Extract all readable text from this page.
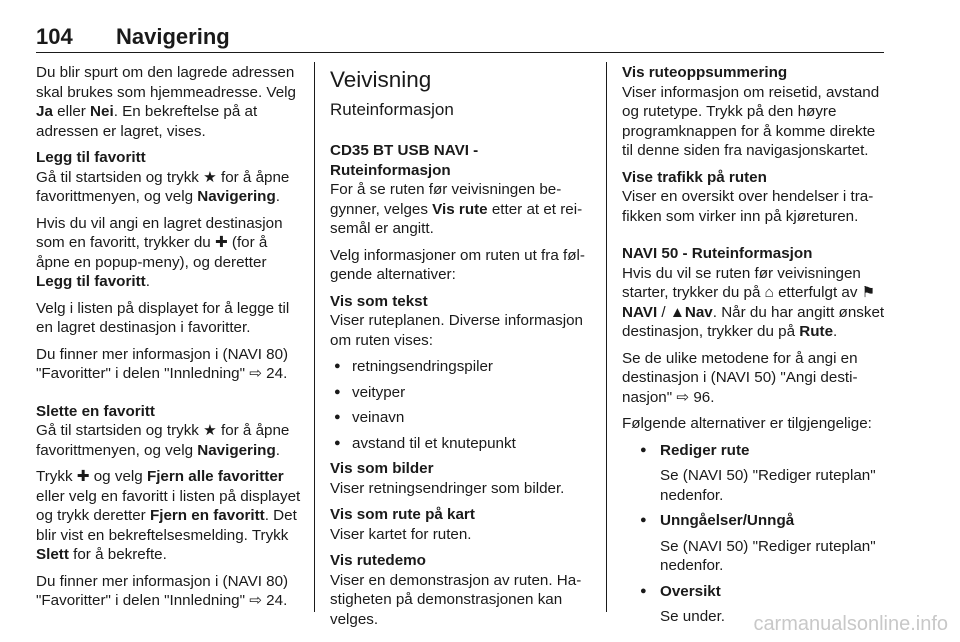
104 Navigering

Du blir spurt om den lagrede adressen skal brukes som hjemmeadresse. Velg Ja eller Nei. En bekreftelse på at adressen er lagret, vises.

Legg til favoritt

Gå til startsiden og trykk ★ for å åpne favorittmenyen, og velg Navigering.

Hvis du vil angi en lagret destinasjon som en favoritt, trykker du ✚ (for å åpne en popup-meny), og deretter Legg til favoritt.

Velg i listen på displayet for å legge til en lagret destinasjon i favoritter.

Du finner mer informasjon i (NAVI 80) "Favoritter" i delen "Innledning" ⇨ 24.

Slette en favoritt

Gå til startsiden og trykk ★ for å åpne favorittmenyen, og velg Navigering.

Trykk ✚ og velg Fjern alle favoritter eller velg en favoritt i listen på displayet og trykk deretter Fjern en favoritt. Det blir vist en bekreftelsesmelding. Trykk Slett for å bekrefte.

Du finner mer informasjon i (NAVI 80) "Favoritter" i delen "Innledning" ⇨ 24.

Veivisning

Ruteinformasjon

CD35 BT USB NAVI - Ruteinformasjon

For å se ruten før veivisningen begynner, velges Vis rute etter at et reisemål er angitt.

Velg informasjoner om ruten ut fra følgende alternativer:

Vis som tekst

Viser ruteplanen. Diverse informasjon om ruten vises:

● retningsendringspiler
● veityper
● veinavn
● avstand til et knutepunkt

Vis som bilder

Viser retningsendringer som bilder.

Vis som rute på kart

Viser kartet for ruten.

Vis rutedemo

Viser en demonstrasjon av ruten. Hastigheten på demonstrasjonen kan velges.

Vis ruteoppsummering

Viser informasjon om reisetid, avstand og rutetype. Trykk på den høyre programknappen for å komme direkte til denne siden fra navigasjonskartet.

Vise trafikk på ruten

Viser en oversikt over hendelser i trafikken som virker inn på kjøreturen.

NAVI 50 - Ruteinformasjon

Hvis du vil se ruten før veivisningen starter, trykker du på ⌂ etterfulgt av ⚑NAVI / ▲Nav. Når du har angitt ønsket destinasjon, trykker du på Rute.

Se de ulike metodene for å angi en destinasjon i (NAVI 50) "Angi destinasjon" ⇨ 96.

Følgende alternativer er tilgjengelige:

● Rediger rute
Se (NAVI 50) "Rediger ruteplan" nedenfor.
● Unngåelser/Unngå
Se (NAVI 50) "Rediger ruteplan" nedenfor.
● Oversikt
Se under.	carmanualsonline.info
